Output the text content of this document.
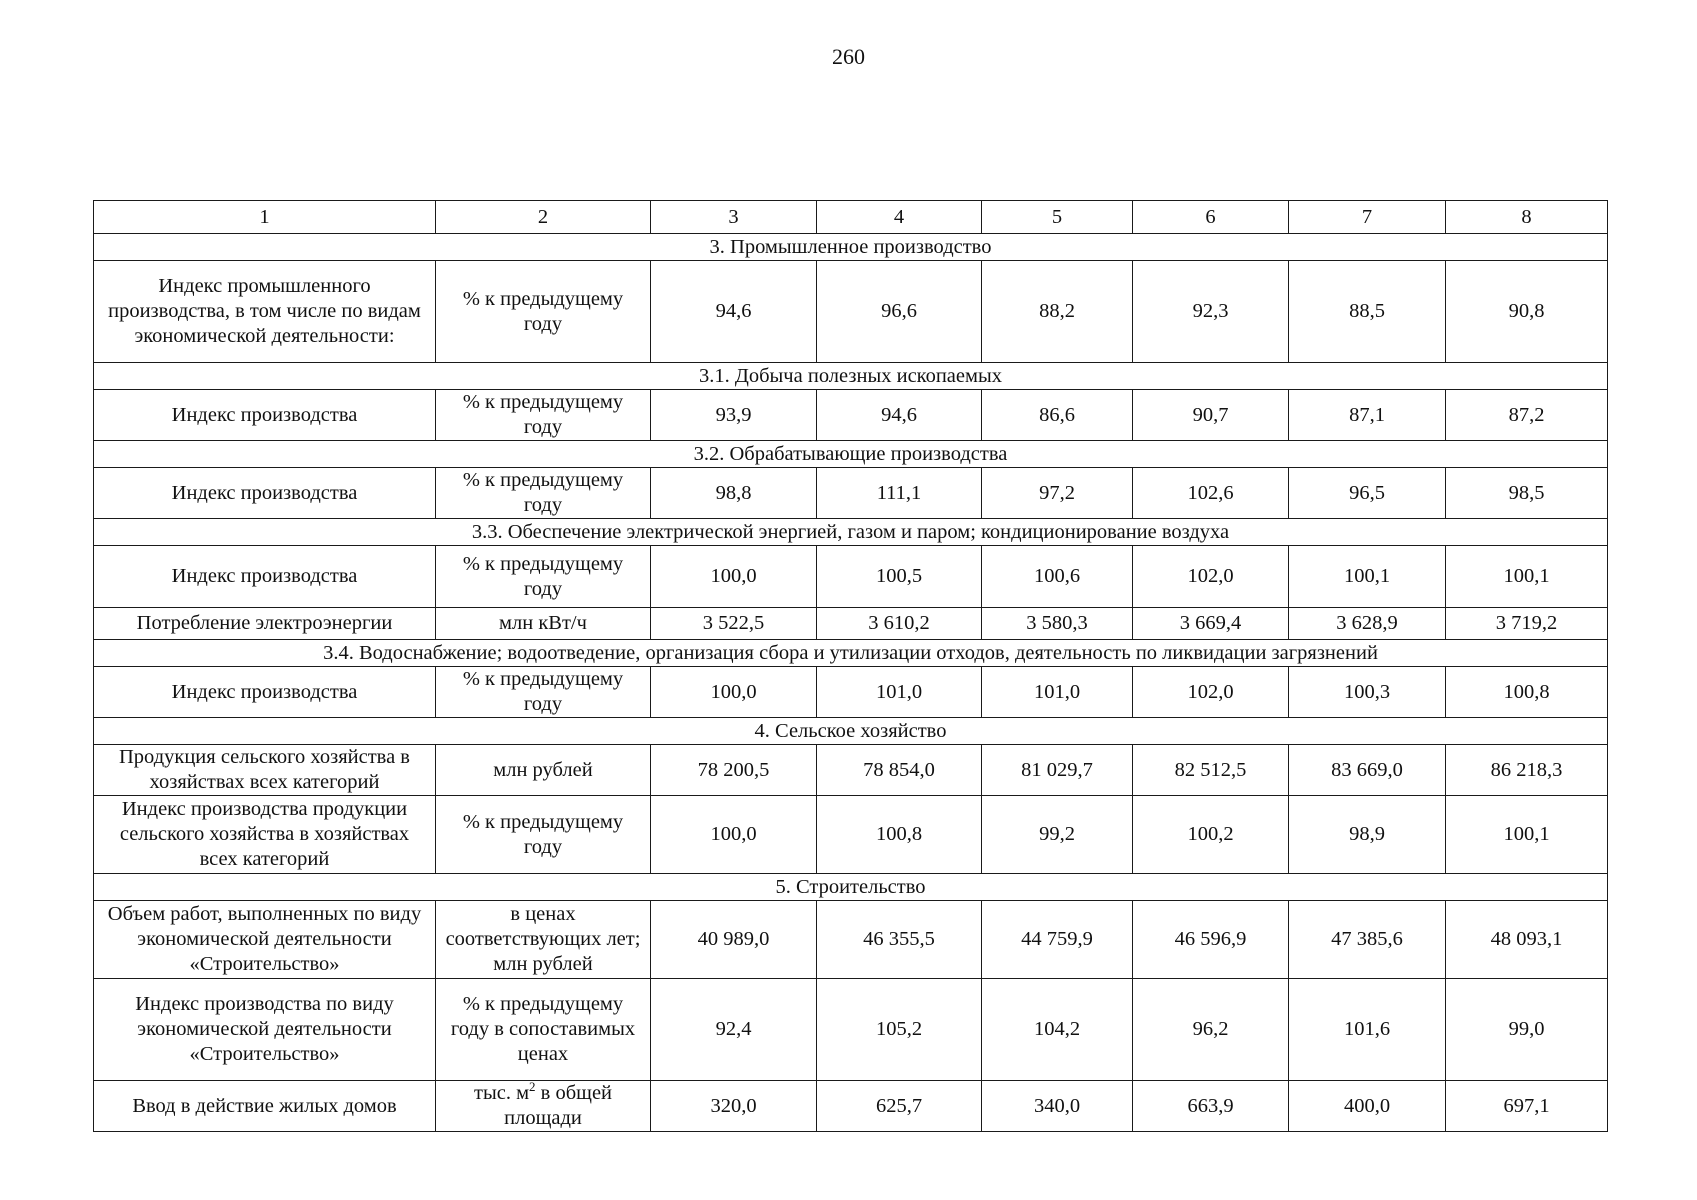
260
1	2	3	4	5	6	7	8
3. Промышленное производство							
Индекс промышленного производства, в том числе по видам экономической деятельности:	% к предыдущему году	94,6	96,6	88,2	92,3	88,5	90,8
3.1. Добыча полезных ископаемых							
Индекс производства	% к предыдущему году	93,9	94,6	86,6	90,7	87,1	87,2
3.2. Обрабатывающие производства							
Индекс производства	% к предыдущему году	98,8	111,1	97,2	102,6	96,5	98,5
3.3. Обеспечение электрической энергией, газом и паром; кондиционирование воздуха							
Индекс производства	% к предыдущему году	100,0	100,5	100,6	102,0	100,1	100,1
Потребление электроэнергии	млн кВт/ч	3 522,5	3 610,2	3 580,3	3 669,4	3 628,9	3 719,2
3.4. Водоснабжение; водоотведение, организация сбора и утилизации отходов, деятельность по ликвидации загрязнений							
Индекс производства	% к предыдущему году	100,0	101,0	101,0	102,0	100,3	100,8
4. Сельское хозяйство							
Продукция сельского хозяйства в хозяйствах всех категорий	млн рублей	78 200,5	78 854,0	81 029,7	82 512,5	83 669,0	86 218,3
Индекс производства продукции сельского хозяйства в хозяйствах всех категорий	% к предыдущему году	100,0	100,8	99,2	100,2	98,9	100,1
5. Строительство							
Объем работ, выполненных по виду экономической деятельности «Строительство»	в ценах соответствующих лет; млн рублей	40 989,0	46 355,5	44 759,9	46 596,9	47 385,6	48 093,1
Индекс производства по виду экономической деятельности «Строительство»	% к предыдущему году в сопоставимых ценах	92,4	105,2	104,2	96,2	101,6	99,0
Ввод в действие жилых домов	тыс. $м^2$ в общей площади	320,0	625,7	340,0	663,9	400,0	697,1
